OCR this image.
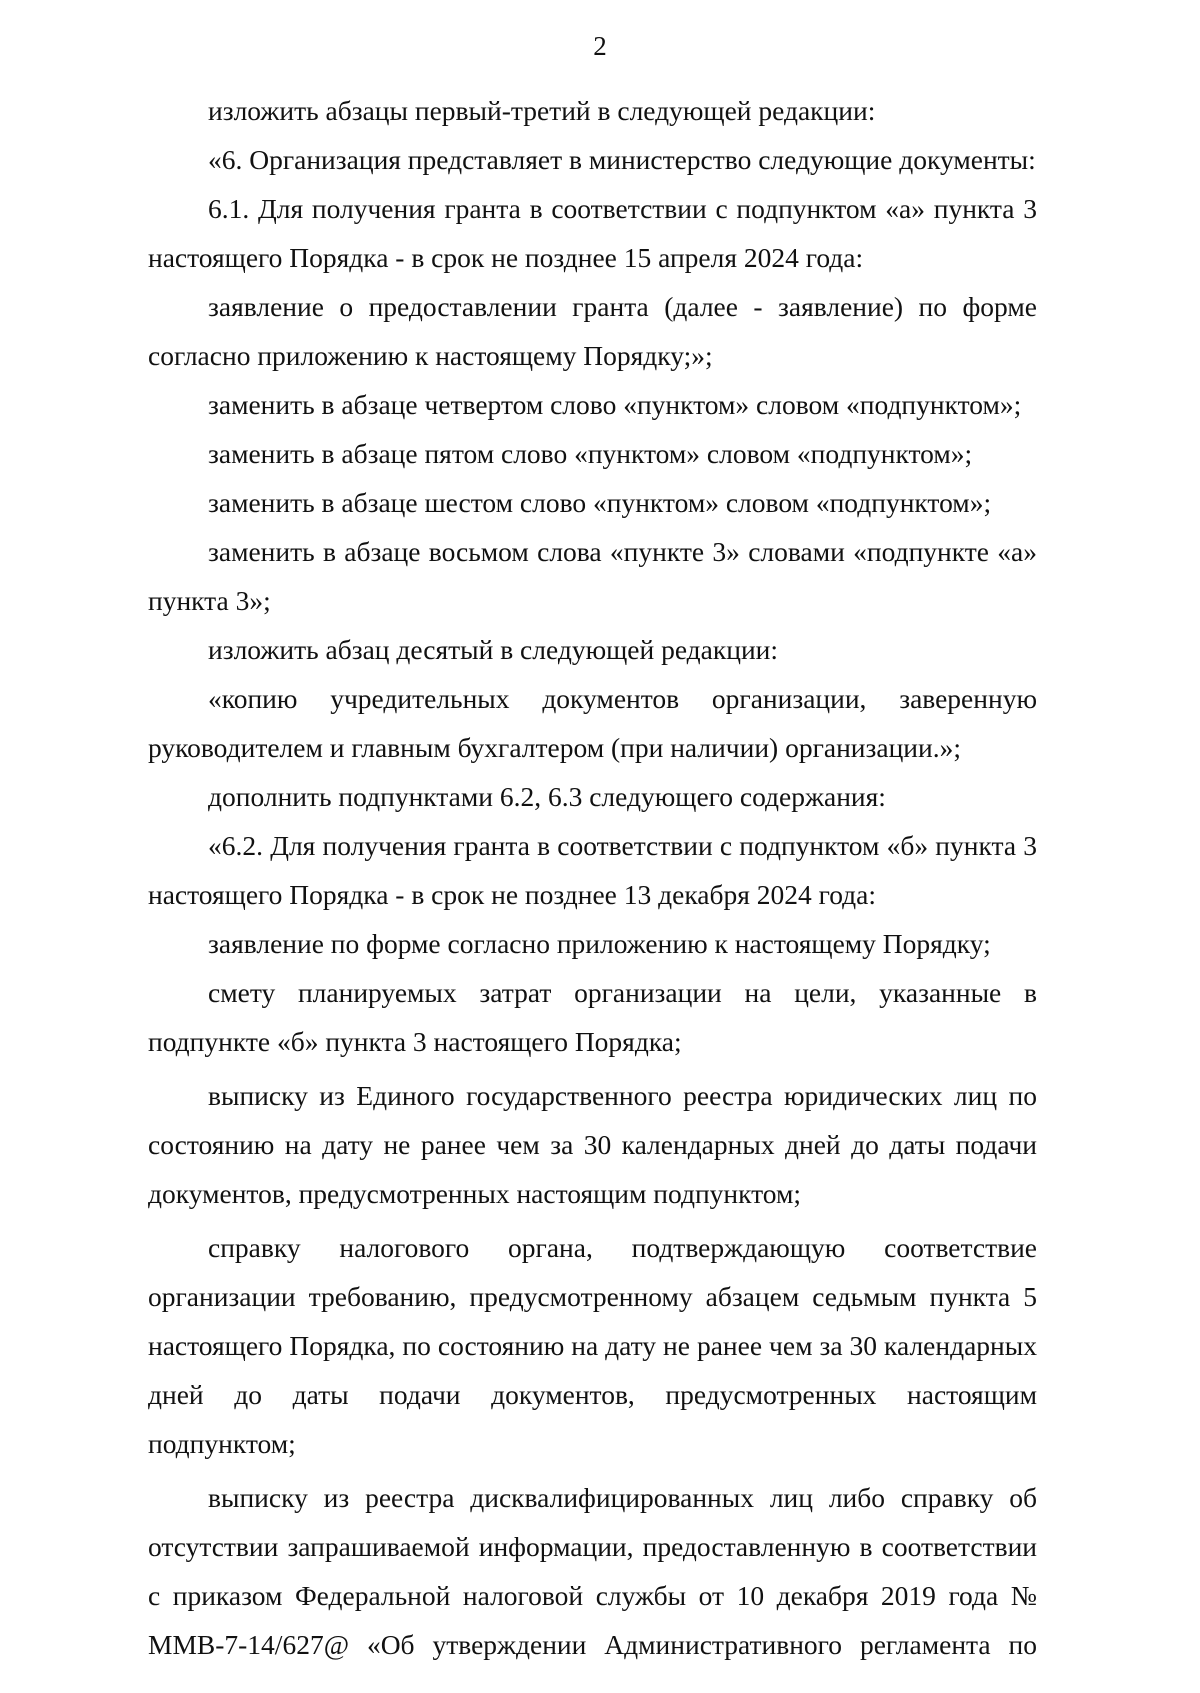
2

изложить абзацы первый-третий в следующей редакции:

«6. Организация представляет в министерство следующие документы:

6.1. Для получения гранта в соответствии с подпунктом «а» пункта 3 настоящего Порядка - в срок не позднее 15 апреля 2024 года:

заявление о предоставлении гранта (далее - заявление) по форме согласно приложению к настоящему Порядку;»;

заменить в абзаце четвертом слово «пунктом» словом «подпунктом»;

заменить в абзаце пятом слово «пунктом» словом «подпунктом»;

заменить в абзаце шестом слово «пунктом» словом «подпунктом»;

заменить в абзаце восьмом слова «пункте 3» словами «подпункте «а» пункта 3»;

изложить абзац десятый в следующей редакции:

«копию учредительных документов организации, заверенную руководителем и главным бухгалтером (при наличии) организации.»;

дополнить подпунктами 6.2, 6.3 следующего содержания:

«6.2. Для получения гранта в соответствии с подпунктом «б» пункта 3 настоящего Порядка - в срок не позднее 13 декабря 2024 года:

заявление по форме согласно приложению к настоящему Порядку;

смету планируемых затрат организации на цели, указанные в подпункте «б» пункта 3 настоящего Порядка;

выписку из Единого государственного реестра юридических лиц по состоянию на дату не ранее чем за 30 календарных дней до даты подачи документов, предусмотренных настоящим подпунктом;

справку налогового органа, подтверждающую соответствие организации требованию, предусмотренному абзацем седьмым пункта 5 настоящего Порядка, по состоянию на дату не ранее чем за 30 календарных дней до даты подачи документов, предусмотренных настоящим подпунктом;

выписку из реестра дисквалифицированных лиц либо справку об отсутствии запрашиваемой информации, предоставленную в соответствии с приказом Федеральной налоговой службы от 10 декабря 2019 года № ММВ-7-14/627@ «Об утверждении Административного регламента по
